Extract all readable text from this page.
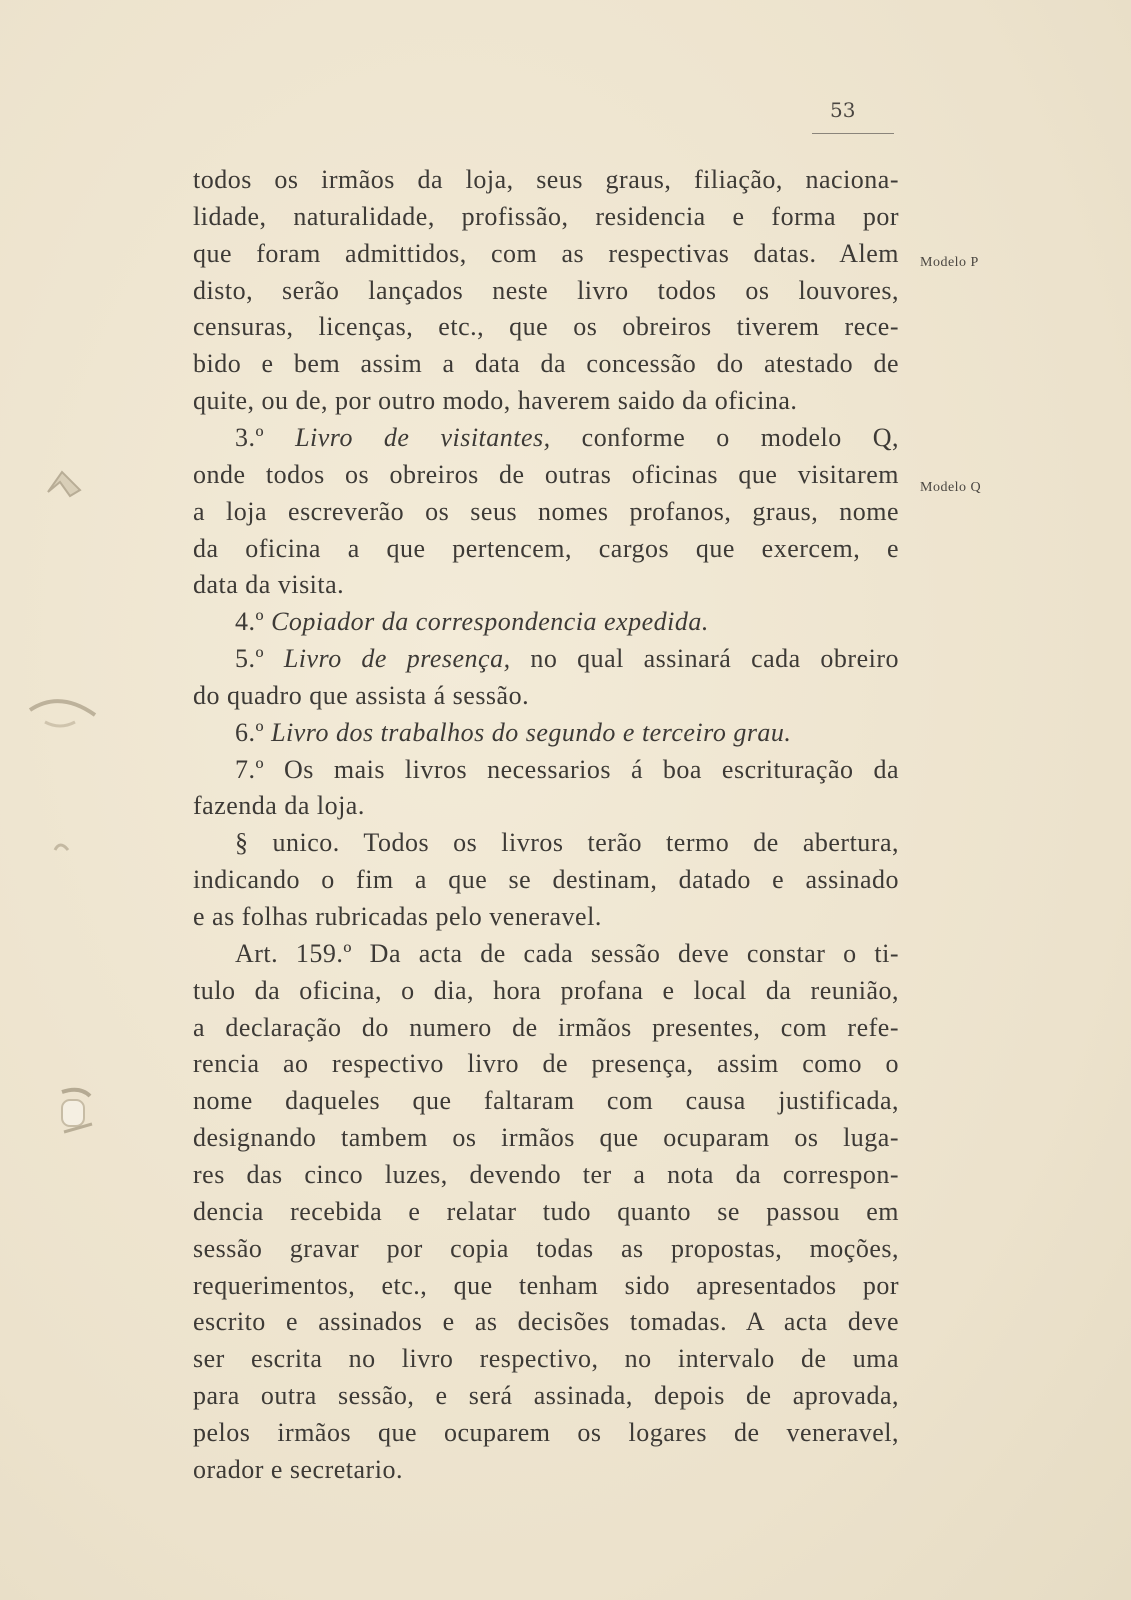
53
todos os irmãos da loja, seus graus, filiação, naciona-
lidade, naturalidade, profissão, residencia e forma por
que foram admittidos, com as respectivas datas. Alem
disto, serão lançados neste livro todos os louvores,
censuras, licenças, etc., que os obreiros tiverem rece-
bido e bem assim a data da concessão do atestado de
quite, ou de, por outro modo, haverem saido da oficina.
3.º Livro de visitantes, conforme o modelo Q,
onde todos os obreiros de outras oficinas que visitarem
a loja escreverão os seus nomes profanos, graus, nome
da oficina a que pertencem, cargos que exercem, e
data da visita.
4.º Copiador da correspondencia expedida.
5.º Livro de presença, no qual assinará cada obreiro
do quadro que assista á sessão.
6.º Livro dos trabalhos do segundo e terceiro grau.
7.º Os mais livros necessarios á boa escrituração da
fazenda da loja.
§ unico. Todos os livros terão termo de abertura,
indicando o fim a que se destinam, datado e assinado
e as folhas rubricadas pelo veneravel.
Art. 159.º Da acta de cada sessão deve constar o ti-
tulo da oficina, o dia, hora profana e local da reunião,
a declaração do numero de irmãos presentes, com refe-
rencia ao respectivo livro de presença, assim como o
nome daqueles que faltaram com causa justificada,
designando tambem os irmãos que ocuparam os luga-
res das cinco luzes, devendo ter a nota da correspon-
dencia recebida e relatar tudo quanto se passou em
sessão gravar por copia todas as propostas, moções,
requerimentos, etc., que tenham sido apresentados por
escrito e assinados e as decisões tomadas. A acta deve
ser escrita no livro respectivo, no intervalo de uma
para outra sessão, e será assinada, depois de aprovada,
pelos irmãos que ocuparem os logares de veneravel,
orador e secretario.
Modelo P
Modelo Q
